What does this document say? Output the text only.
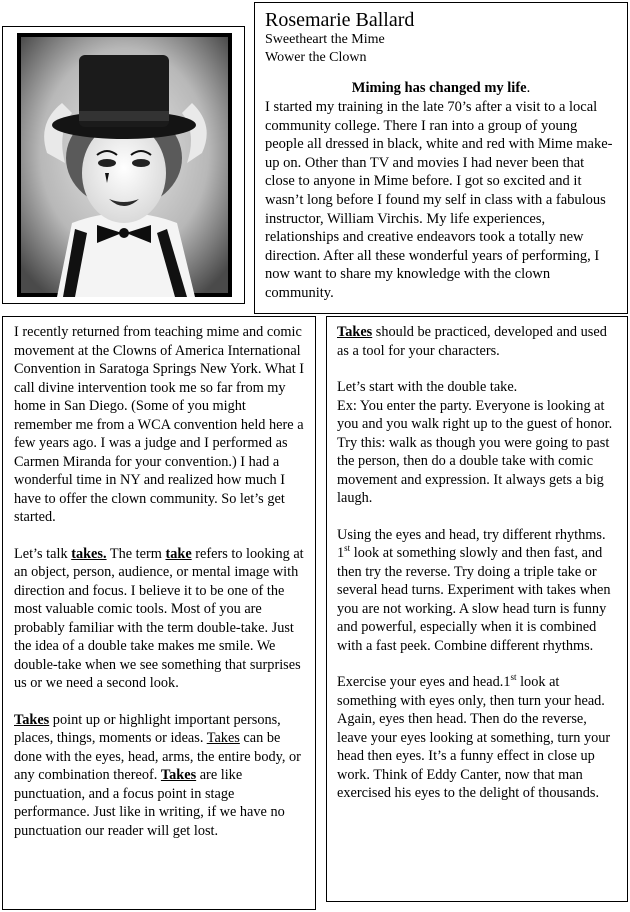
Rosemarie Ballard
Sweetheart the Mime
Wower the Clown
Miming has changed my life.
I started my training in the late 70’s after a visit to a local community college. There I ran into a group of young people all dressed in black, white and red with Mime make-up on. Other than TV and movies I had never been that close to anyone in Mime before. I got so excited and it wasn’t long before I found my self in class with a fabulous instructor, William Virchis. My life experiences, relationships and creative endeavors took a totally new direction. After all these wonderful years of performing, I now want to share my knowledge with the clown community.

I recently returned from teaching mime and comic movement at the Clowns of America International Convention in Saratoga Springs New York. What I call divine intervention took me so far from my home in San Diego. (Some of you might remember me from a WCA convention held here a few years ago. I was a judge and I performed as Carmen Miranda for your convention.) I had a wonderful time in NY and realized how much I have to offer the clown community. So let’s get started.

Let’s talk takes. The term take refers to looking at an object, person, audience, or mental image with direction and focus. I believe it to be one of the most valuable comic tools. Most of you are probably familiar with the term double-take. Just the idea of a double take makes me smile. We double-take when we see something that surprises us or we need a second look.

Takes point up or highlight important persons, places, things, moments or ideas. Takes can be done with the eyes, head, arms, the entire body, or any combination thereof. Takes are like punctuation, and a focus point in stage performance. Just like in writing, if we have no punctuation our reader will get lost.

Takes should be practiced, developed and used as a tool for your characters.

Let’s start with the double take.
Ex: You enter the party. Everyone is looking at you and you walk right up to the guest of honor. Try this: walk as though you were going to past the person, then do a double take with comic movement and expression. It always gets a big laugh.

Using the eyes and head, try different rhythms. 1st look at something slowly and then fast, and then try the reverse. Try doing a triple take or several head turns. Experiment with takes when you are not working. A slow head turn is funny and powerful, especially when it is combined with a fast peek. Combine different rhythms.

Exercise your eyes and head.1st look at something with eyes only, then turn your head. Again, eyes then head. Then do the reverse, leave your eyes looking at something, turn your head then eyes. It’s a funny effect in close up work. Think of Eddy Canter, now that man exercised his eyes to the delight of thousands.
